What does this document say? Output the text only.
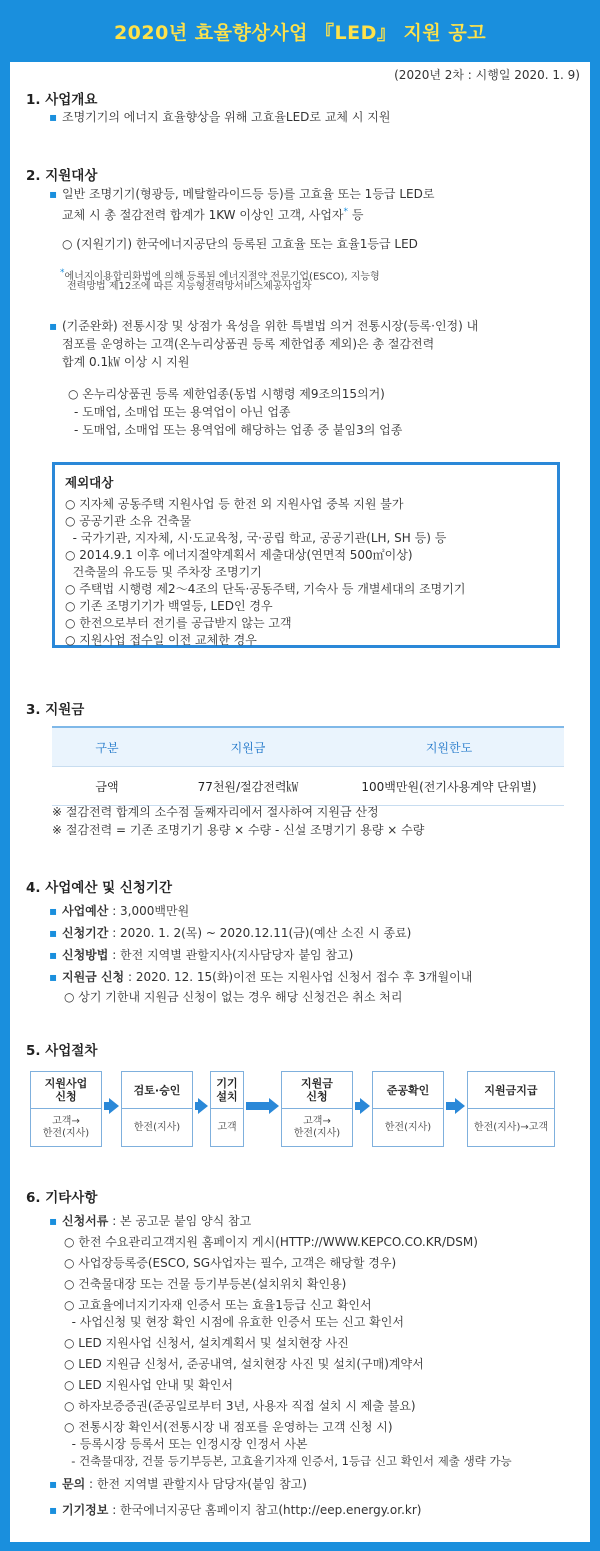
2020년 효율향상사업 『LED』 지원 공고
(2020년 2차 : 시행일 2020. 1. 9)
1. 사업개요
▪ 조명기기의 에너지 효율향상을 위해 고효율LED로 교체 시 지원
2. 지원대상
▪ 일반 조명기기(형광등, 메탈할라이드등 등)를 고효율 또는 1등급 LED로
교체 시 총 절감전력 합계가 1KW 이상인 고객, 사업자* 등
○ (지원기기) 한국에너지공단의 등록된 고효율 또는 효율1등급 LED
*에너지이용합리화법에 의해 등록된 에너지절약 전문기업(ESCO), 지능형
전력망법 제12조에 따른 지능형전력망서비스제공사업자
▪ (기준완화) 전통시장 및 상점가 육성을 위한 특별법 의거 전통시장(등록·인정) 내
점포를 운영하는 고객(온누리상품권 등록 제한업종 제외)은 총 절감전력
합계 0.1㎾ 이상 시 지원
○ 온누리상품권 등록 제한업종(동법 시행령 제9조의15의거)
- 도매업, 소매업 또는 용역업이 아닌 업종
- 도매업, 소매업 또는 용역업에 해당하는 업종 중 붙임3의 업종
제외대상
○ 지자체 공동주택 지원사업 등 한전 외 지원사업 중복 지원 불가
○ 공공기관 소유 건축물
- 국가기관, 지자체, 시·도교육청, 국·공립 학교, 공공기관(LH, SH 등) 등
○ 2014.9.1 이후 에너지절약계획서 제출대상(연면적 500㎡이상)
건축물의 유도등 및 주차장 조명기기
○ 주택법 시행령 제2～4조의 단독·공동주택, 기숙사 등 개별세대의 조명기기
○ 기존 조명기기가 백열등, LED인 경우
○ 한전으로부터 전기를 공급받지 않는 고객
○ 지원사업 접수일 이전 교체한 경우
3. 지원금
구분	지원금	지원한도
금액	77천원/절감전력㎾	100백만원(전기사용계약 단위별)
※ 절감전력 합계의 소수점 둘째자리에서 절사하여 지원금 산정
※ 절감전력 = 기존 조명기기 용량 × 수량 - 신설 조명기기 용량 × 수량
4. 사업예산 및 신청기간
▪ 사업예산 : 3,000백만원
▪ 신청기간 : 2020. 1. 2(목) ~ 2020.12.11(금)(예산 소진 시 종료)
▪ 신청방법 : 한전 지역별 관할지사(지사담당자 붙임 참고)
▪ 지원금 신청 : 2020. 12. 15(화)이전 또는 지원사업 신청서 접수 후 3개월이내
○ 상기 기한내 지원금 신청이 없는 경우 해당 신청건은 취소 처리
5. 사업절차
지원사업
신청
고객→
한전(지사)
검토·승인
한전(지사)
기기
설치
고객
지원금
신청
고객→
한전(지사)
준공확인
한전(지사)
지원금지급
한전(지사)→고객
6. 기타사항
▪ 신청서류 : 본 공고문 붙임 양식 참고
○ 한전 수요관리고객지원 홈페이지 게시(HTTP://WWW.KEPCO.CO.KR/DSM)
○ 사업장등록증(ESCO, SG사업자는 필수, 고객은 해당할 경우)
○ 건축물대장 또는 건물 등기부등본(설치위치 확인용)
○ 고효율에너지기자재 인증서 또는 효율1등급 신고 확인서
- 사업신청 및 현장 확인 시점에 유효한 인증서 또는 신고 확인서
○ LED 지원사업 신청서, 설치계획서 및 설치현장 사진
○ LED 지원금 신청서, 준공내역, 설치현장 사진 및 설치(구매)계약서
○ LED 지원사업 안내 및 확인서
○ 하자보증증권(준공일로부터 3년, 사용자 직접 설치 시 제출 불요)
○ 전통시장 확인서(전통시장 내 점포를 운영하는 고객 신청 시)
- 등록시장 등록서 또는 인정시장 인정서 사본
- 건축물대장, 건물 등기부등본, 고효율기자재 인증서, 1등급 신고 확인서 제출 생략 가능
▪ 문의 : 한전 지역별 관할지사 담당자(붙임 참고)
▪ 기기정보 : 한국에너지공단 홈페이지 참고(http://eep.energy.or.kr)
